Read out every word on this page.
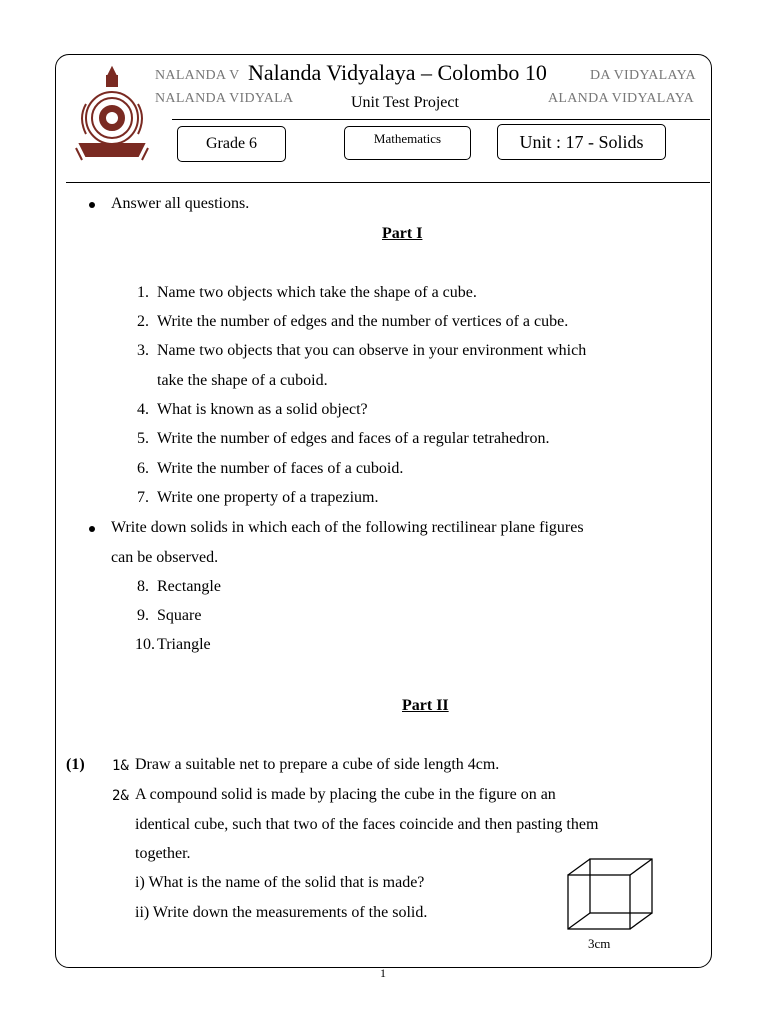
NALANDA V
NALANDA VIDYALA
DA VIDYALAYA
ALANDA VIDYALAYA
Nalanda Vidyalaya – Colombo 10
Unit Test Project
Grade 6	Mathematics	Unit : 17 - Solids
Answer all questions.
Part I
1. Name two objects which take the shape of a cube.
2. Write the number of edges and the number of vertices of a cube.
3. Name two objects that you can observe in your environment which
take the shape of a cuboid.
4. What is known as a solid object?
5. Write the number of edges and faces of a regular tetrahedron.
6. Write the number of faces of a cuboid.
7. Write one property of a trapezium.
Write down solids in which each of the following rectilinear plane figures
can be observed.
8. Rectangle
9. Square
10. Triangle
Part II
(1) 1& Draw a suitable net to prepare a cube of side length 4cm.
2& A compound solid is made by placing the cube in the figure on an
identical cube, such that two of the faces coincide and then pasting them
together.
i) What is the name of the solid that is made?
ii) Write down the measurements of the solid.
3cm
1
